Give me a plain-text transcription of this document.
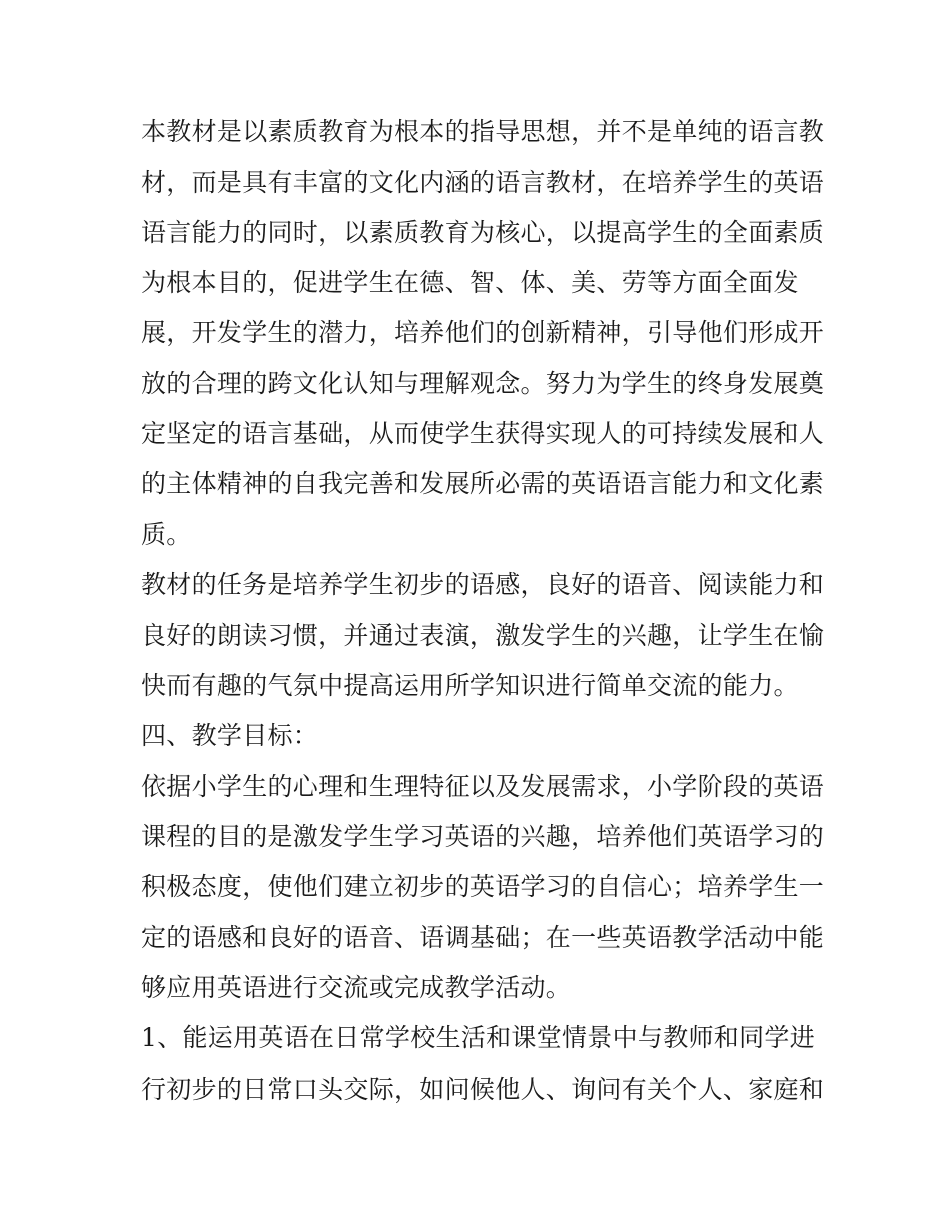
本教材是以素质教育为根本的指导思想，并不是单纯的语言教
材，而是具有丰富的文化内涵的语言教材，在培养学生的英语
语言能力的同时，以素质教育为核心，以提高学生的全面素质
为根本目的，促进学生在德、智、体、美、劳等方面全面发
展，开发学生的潜力，培养他们的创新精神，引导他们形成开
放的合理的跨文化认知与理解观念。努力为学生的终身发展奠
定坚定的语言基础，从而使学生获得实现人的可持续发展和人
的主体精神的自我完善和发展所必需的英语语言能力和文化素
质。
教材的任务是培养学生初步的语感，良好的语音、阅读能力和
良好的朗读习惯，并通过表演，激发学生的兴趣，让学生在愉
快而有趣的气氛中提高运用所学知识进行简单交流的能力。
四、教学目标：
依据小学生的心理和生理特征以及发展需求，小学阶段的英语
课程的目的是激发学生学习英语的兴趣，培养他们英语学习的
积极态度，使他们建立初步的英语学习的自信心；培养学生一
定的语感和良好的语音、语调基础；在一些英语教学活动中能
够应用英语进行交流或完成教学活动。
1、能运用英语在日常学校生活和课堂情景中与教师和同学进
行初步的日常口头交际，如问候他人、询问有关个人、家庭和
